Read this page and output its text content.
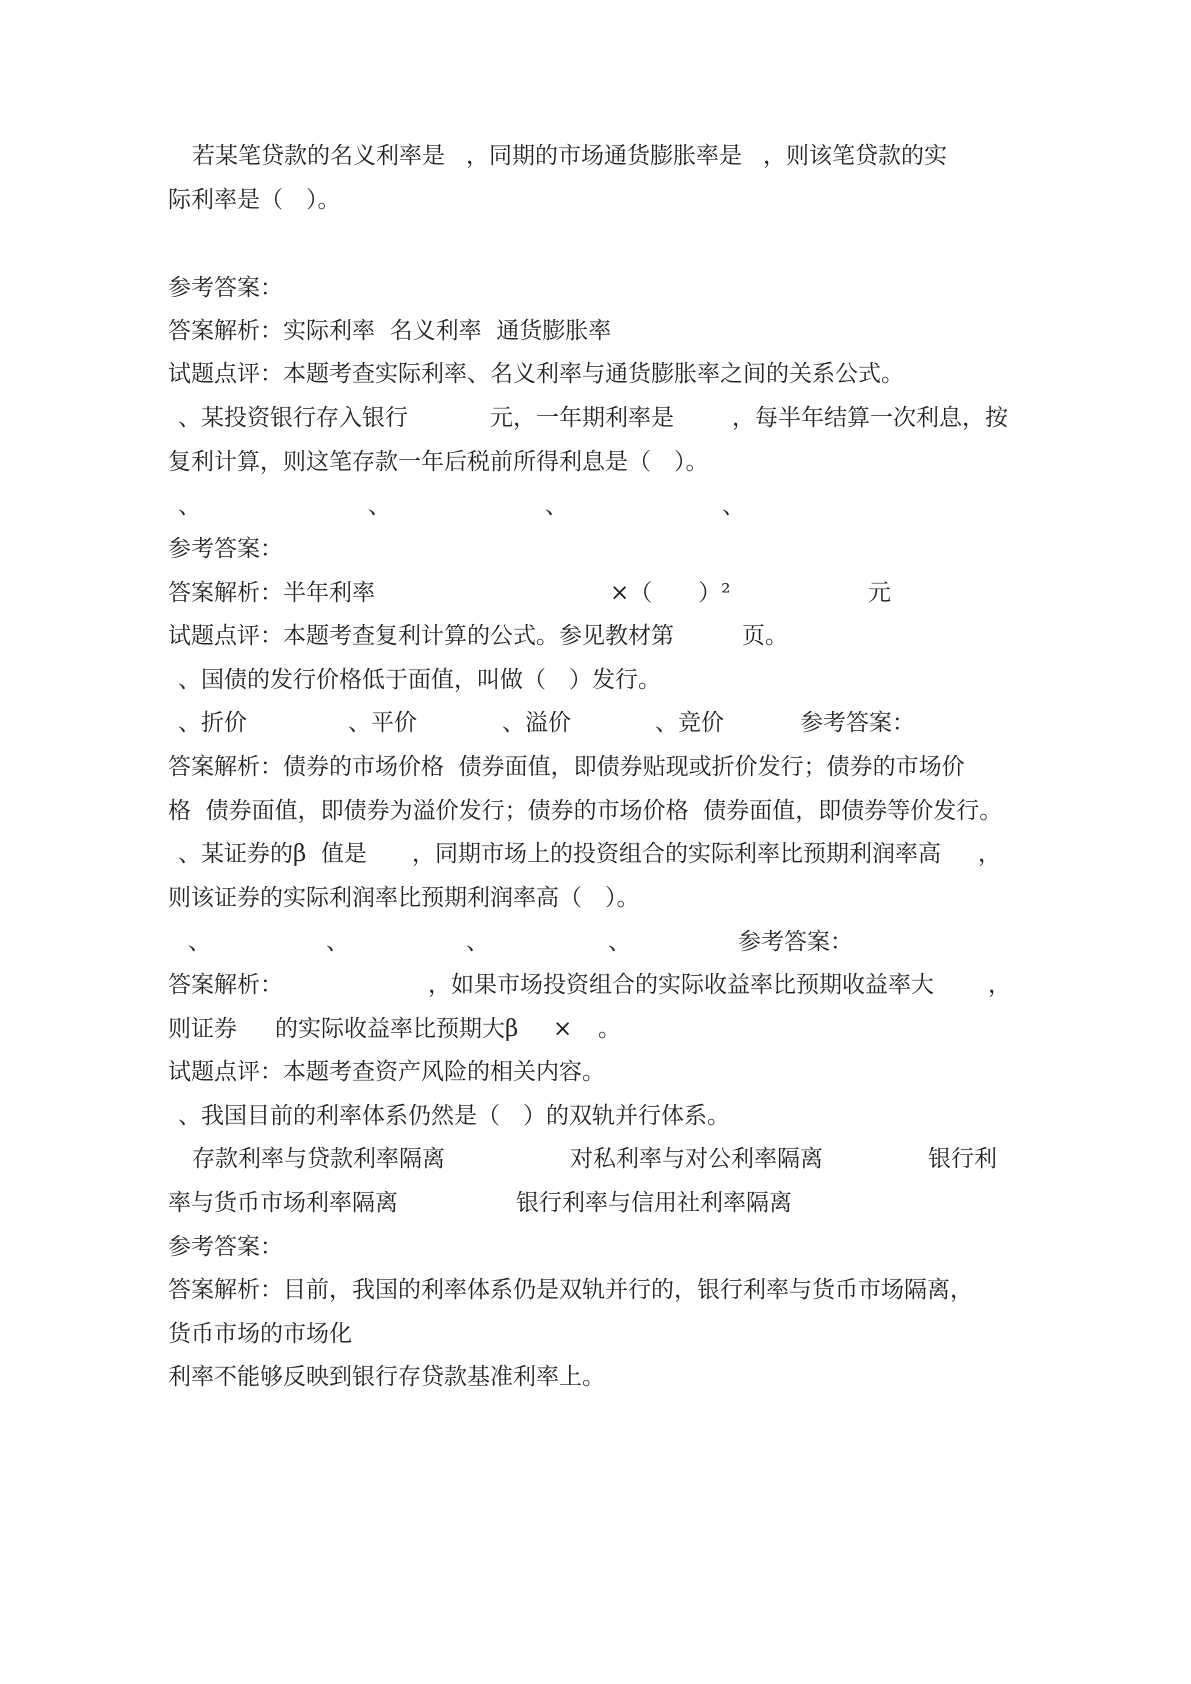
若某笔贷款的名义利率是 ，同期的市场通货膨胀率是 ，则该笔贷款的实

际利率是（　）。

参考答案：

答案解析：实际利率  名义利率  通货膨胀率

试题点评：本题考查实际利率、名义利率与通货膨胀率之间的关系公式。

、某投资银行存入银行	元，一年期利率是	，每半年结算一次利息，按

复利计算，则这笔存款一年后税前所得利息是（　）。

、	、	、	、

参考答案：

答案解析：半年利率	×（　　）²	元

试题点评：本题考查复利计算的公式。参见教材第	页。

、国债的发行价格低于面值，叫做（　）发行。

、折价	、平价	、溢价	、竞价	参考答案：

答案解析：债券的市场价格  债券面值，即债券贴现或折价发行；债券的市场价

格  债券面值，即债券为溢价发行；债券的市场价格  债券面值，即债券等价发行。

、某证券的β  值是 ，同期市场上的投资组合的实际利率比预期利润率高 ，

则该证券的实际利润率比预期利润率高（　）。

、	、	、	、	参考答案：

答案解析：	，如果市场投资组合的实际收益率比预期收益率大 ，

则证券 的实际收益率比预期大β × 。

试题点评：本题考查资产风险的相关内容。

、我国目前的利率体系仍然是（　）的双轨并行体系。

存款利率与贷款利率隔离	对私利率与对公利率隔离	银行利

率与货币市场利率隔离	银行利率与信用社利率隔离

参考答案：

答案解析：目前，我国的利率体系仍是双轨并行的，银行利率与货币市场隔离，

货币市场的市场化

利率不能够反映到银行存贷款基准利率上。
